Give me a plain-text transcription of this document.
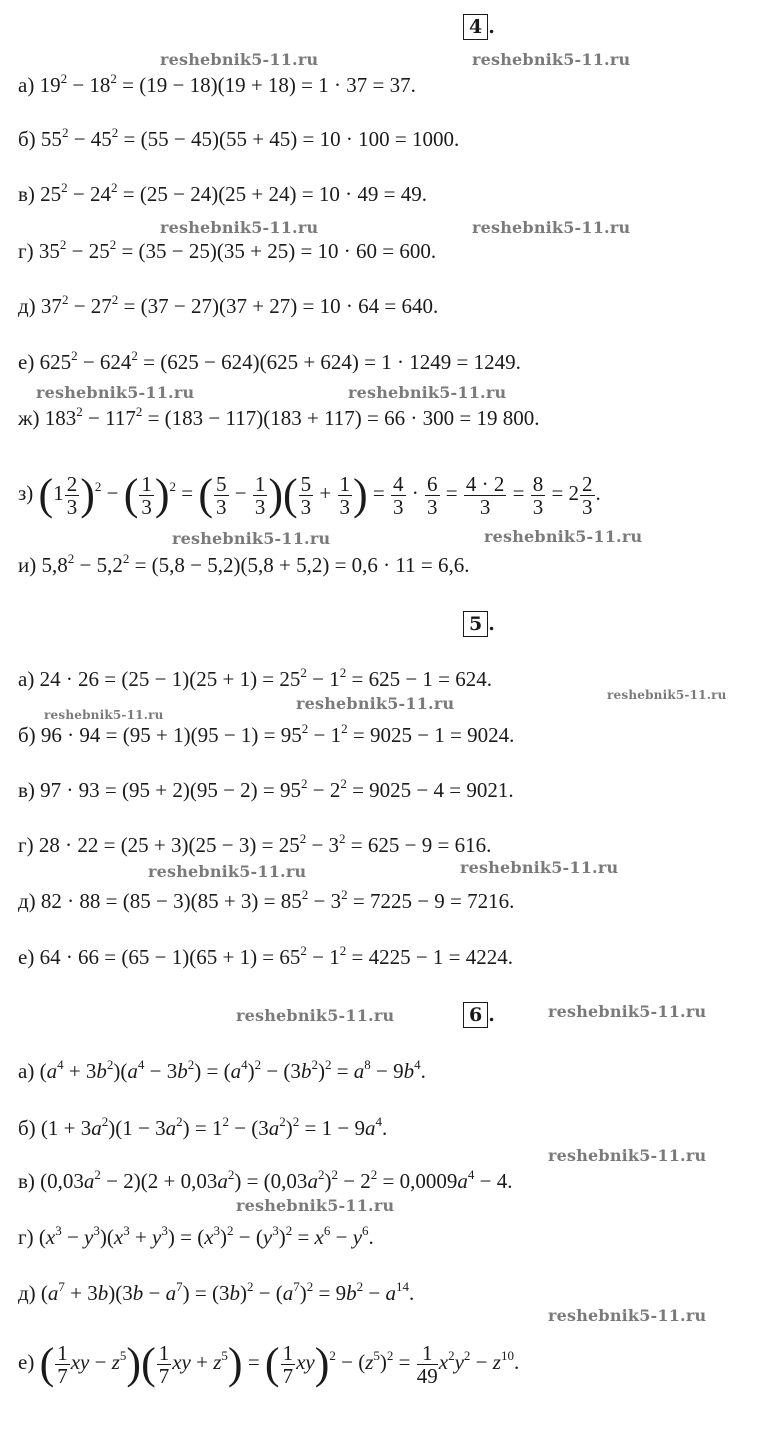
4 .
reshebnik5-11.ru	reshebnik5-11.ru
reshebnik5-11.ru	reshebnik5-11.ru
reshebnik5-11.ru	reshebnik5-11.ru
reshebnik5-11.ru	reshebnik5-11.ru
reshebnik5-11.ru	reshebnik5-11.ru
reshebnik5-11.ru
reshebnik5-11.ru	reshebnik5-11.ru
reshebnik5-11.ru	reshebnik5-11.ru
reshebnik5-11.ru
reshebnik5-11.ru
reshebnik5-11.ru
а) $19^2 - 18^2 = (19 - 18)(19 + 18) = 1 \cdot 37 = 37$.
б) $55^2 - 45^2 = (55 - 45)(55 + 45) = 10 \cdot 100 = 1000$.
в) $25^2 - 24^2 = (25 - 24)(25 + 24) = 10 \cdot 49 = 49$.
г) $35^2 - 25^2 = (35 - 25)(35 + 25) = 10 \cdot 60 = 600$.
д) $37^2 - 27^2 = (37 - 27)(37 + 27) = 10 \cdot 64 = 640$.
е) $625^2 - 624^2 = (625 - 624)(625 + 624) = 1 \cdot 1249 = 1249$.
ж) $183^2 - 117^2 = (183 - 117)(183 + 117) = 66 \cdot 300 = 19$ 800.
з) $(1 \frac{2}{3} )^2$ − ( $\frac{1}{3} )^2$ = ( $\frac{5}{3} - \frac{1}{3}$ )( $\frac{5}{3} + \frac{1}{3}$ ) = $\frac{4}{3} \cdot \frac{6}{3} = \frac{4 \cdot 2}{3} = \frac{8}{3} = 2 \frac{2}{3}$ .
и) $5,8^2 - 5,2^2 = (5,8 - 5,2)(5,8 + 5,2) = 0,6 \cdot 11 = 6,6$.
5 .
а) $24 \cdot 26 = (25 - 1)(25 + 1) = 25^2 - 1^2 = 625 - 1 = 624$.
б) $96 \cdot 94 = (95 + 1)(95 - 1) = 95^2 - 1^2 = 9025 - 1 = 9024$.
в) $97 \cdot 93 = (95 + 2)(95 - 2) = 95^2 - 2^2 = 9025 - 4 = 9021$.
г) $28 \cdot 22 = (25 + 3)(25 - 3) = 25^2 - 3^2 = 625 - 9 = 616$.
д) $82 \cdot 88 = (85 - 3)(85 + 3) = 85^2 - 3^2 = 7225 - 9 = 7216$.
е) $64 \cdot 66 = (65 - 1)(65 + 1) = 65^2 - 1^2 = 4225 - 1 = 4224$.
6 .
а) $(a^4 + 3b^2)(a^4 - 3b^2) = (a^4)^2 - (3b^2)^2 = a^8 - 9b^4$.
б) $(1 + 3a^2)(1 - 3a^2) = 1^2 - (3a^2)^2 = 1 - 9a^4$.
в) $(0,03a^2 - 2)(2 + 0,03a^2) = (0,03a^2)^2 - 2^2 = 0,0009a^4 - 4$.
г) $(x^3 - y^3)(x^3 + y^3) = (x^3)^2 - (y^3)^2 = x^6 - y^6$.
д) $(a^7 + 3b)(3b - a^7) = (3b)^2 - (a^7)^2 = 9b^2 - a^{14}$.
е) ( $\frac{1}{7}$ xy − $z^5)( \frac{1}{7}$ xy + $z^5$) = ( $\frac{1}{7} xy)^2 - (z^5)^2 = \frac{1}{49} x^2y^2 - z^{10}$.
